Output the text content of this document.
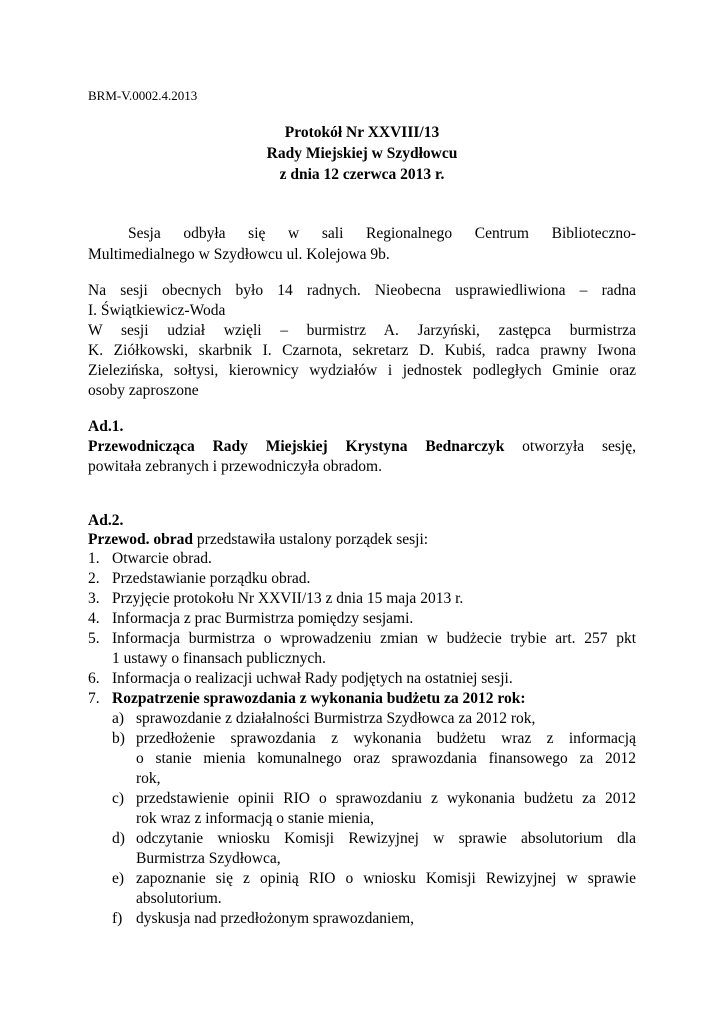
BRM-V.0002.4.2013
Protokół Nr XXVIII/13
Rady Miejskiej w Szydłowcu
z dnia 12 czerwca 2013 r.
Sesja odbyła się w sali Regionalnego Centrum Biblioteczno-
Multimedialnego w Szydłowcu ul. Kolejowa 9b.
Na sesji obecnych było 14 radnych. Nieobecna usprawiedliwiona – radna
I. Świątkiewicz-Woda
W sesji udział wzięli – burmistrz A. Jarzyński, zastępca burmistrza
K. Ziółkowski, skarbnik I. Czarnota, sekretarz D. Kubiś, radca prawny Iwona
Zielezińska, sołtysi, kierownicy wydziałów i jednostek podległych Gminie oraz
osoby zaproszone
Ad.1.
Przewodnicząca Rady Miejskiej Krystyna Bednarczyk otworzyła sesję,
powitała zebranych i przewodniczyła obradom.
Ad.2.
Przewod. obrad przedstawiła ustalony porządek sesji:
1. Otwarcie obrad.
2. Przedstawianie porządku obrad.
3. Przyjęcie protokołu Nr XXVII/13 z dnia 15 maja 2013 r.
4. Informacja z prac Burmistrza pomiędzy sesjami.
5. Informacja burmistrza o wprowadzeniu zmian w budżecie trybie art. 257 pkt
1 ustawy o finansach publicznych.
6. Informacja o realizacji uchwał Rady podjętych na ostatniej sesji.
7. Rozpatrzenie sprawozdania z wykonania budżetu za 2012 rok:
a) sprawozdanie z działalności Burmistrza Szydłowca za 2012 rok,
b) przedłożenie sprawozdania z wykonania budżetu wraz z informacją
o stanie mienia komunalnego oraz sprawozdania finansowego za 2012
rok,
c) przedstawienie opinii RIO o sprawozdaniu z wykonania budżetu za 2012
rok wraz z informacją o stanie mienia,
d) odczytanie wniosku Komisji Rewizyjnej w sprawie absolutorium dla
Burmistrza Szydłowca,
e) zapoznanie się z opinią RIO o wniosku Komisji Rewizyjnej w sprawie
absolutorium.
f) dyskusja nad przedłożonym sprawozdaniem,
